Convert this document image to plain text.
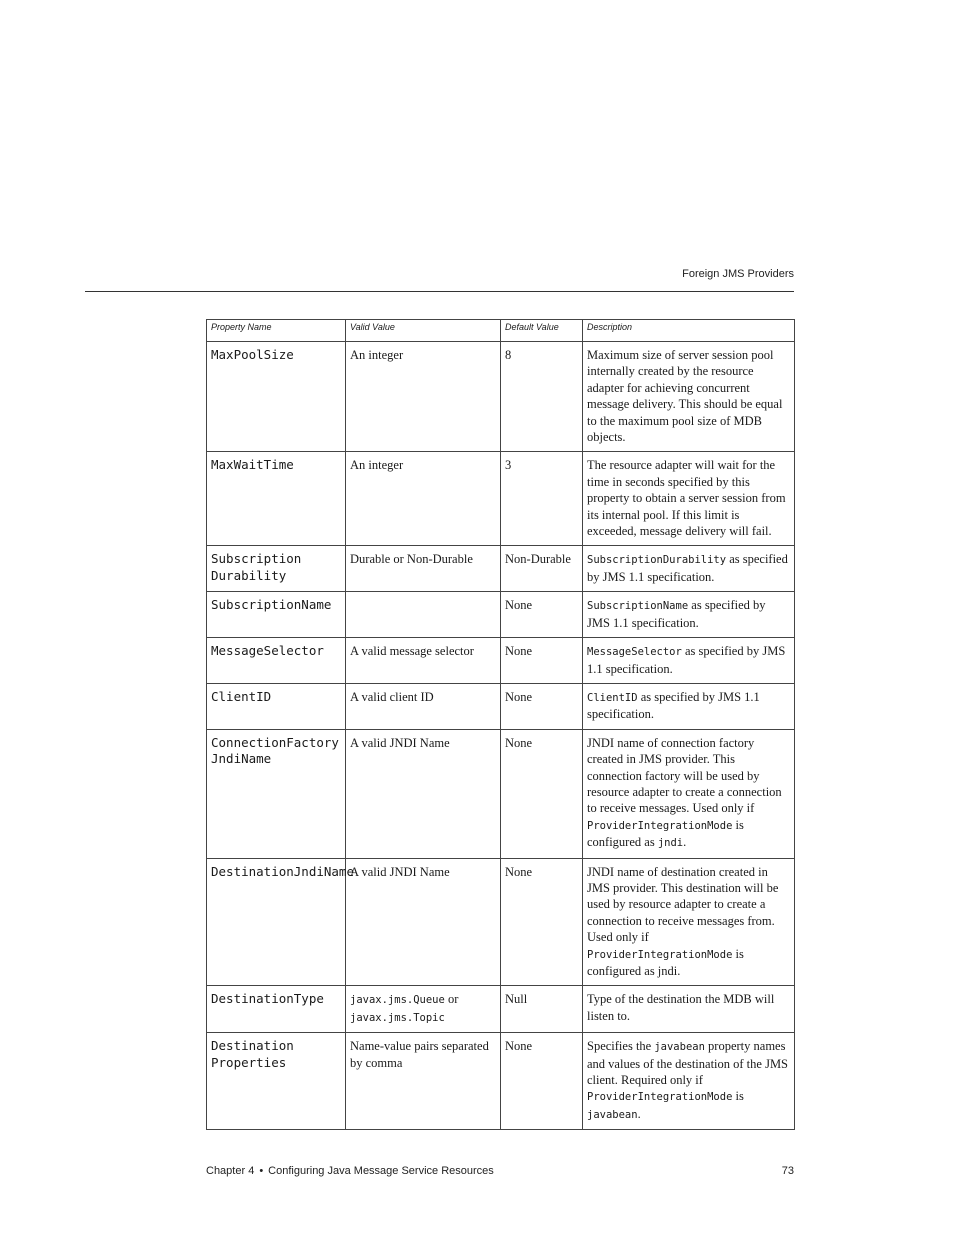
Foreign JMS Providers
Property Name	Valid Value	Default Value	Description
MaxPoolSize	An integer	8	Maximum size of server session pool internally created by the resource adapter for achieving concurrent message delivery. This should be equal to the maximum pool size of MDB objects.
MaxWaitTime	An integer	3	The resource adapter will wait for the time in seconds specified by this property to obtain a server session from its internal pool. If this limit is exceeded, message delivery will fail.
Subscription
Durability	Durable or Non-Durable	Non-Durable	SubscriptionDurability as specified by JMS 1.1 specification.
SubscriptionName		None	SubscriptionName as specified by JMS 1.1 specification.
MessageSelector	A valid message selector	None	MessageSelector as specified by JMS 1.1 specification.
ClientID	A valid client ID	None	ClientID as specified by JMS 1.1 specification.
ConnectionFactory
JndiName	A valid JNDI Name	None	JNDI name of connection factory created in JMS provider. This connection factory will be used by resource adapter to create a connection to receive messages. Used only if ProviderIntegrationMode is configured as jndi.
DestinationJndiName	A valid JNDI Name	None	JNDI name of destination created in JMS provider. This destination will be used by resource adapter to create a connection to receive messages from. Used only if ProviderIntegrationMode is configured as jndi.
DestinationType	javax.jms.Queue or javax.jms.Topic	Null	Type of the destination the MDB will listen to.
Destination
Properties	Name-value pairs separated by comma	None	Specifies the javabean property names and values of the destination of the JMS client. Required only if ProviderIntegrationMode is javabean.
Chapter 4 • Configuring Java Message Service Resources	73
